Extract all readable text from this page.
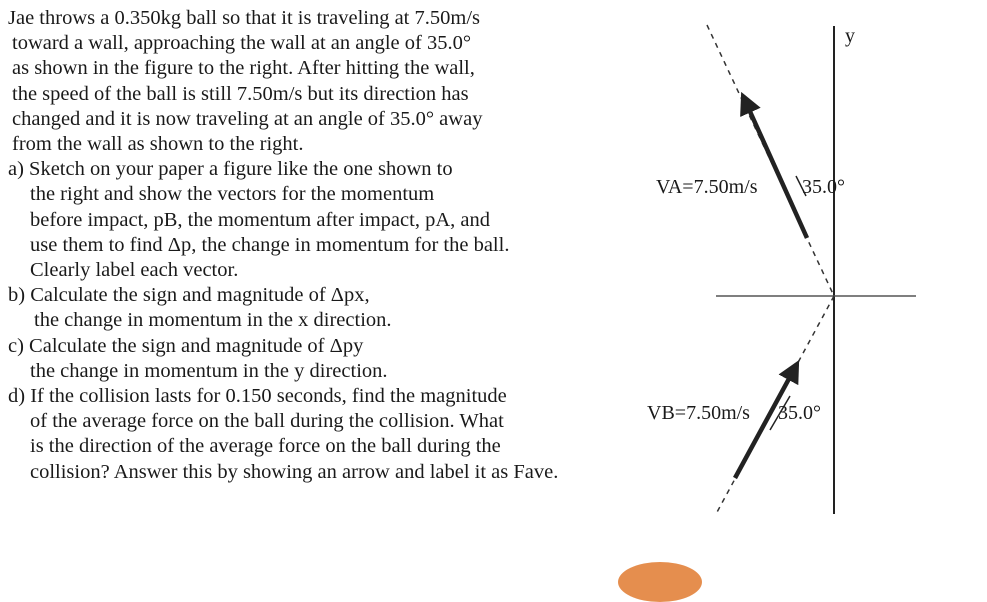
Jae throws a 0.350kg ball so that it is traveling at 7.50m/s
toward a wall, approaching the wall at an angle of 35.0°
as shown in the figure to the right. After hitting the wall,
the speed of the ball is still 7.50m/s but its direction has
changed and it is now traveling at an angle of 35.0° away
from the wall as shown to the right.
a) Sketch on your paper a figure like the one shown to
the right and show the vectors for the momentum
before impact, pB, the momentum after impact, pA, and
use them to find Δp, the change in momentum for the ball.
Clearly label each vector.
b) Calculate the sign and magnitude of Δpx,
the change in momentum in the x direction.
c) Calculate the sign and magnitude of Δpy
the change in momentum in the y direction.
d) If the collision lasts for 0.150 seconds, find the magnitude
of the average force on the ball during the collision. What
is the direction of the average force on the ball during the
collision? Answer this by showing an arrow and label it as Fave.
y
VA=7.50m/s 35.0°
VB=7.50m/s 35.0°
